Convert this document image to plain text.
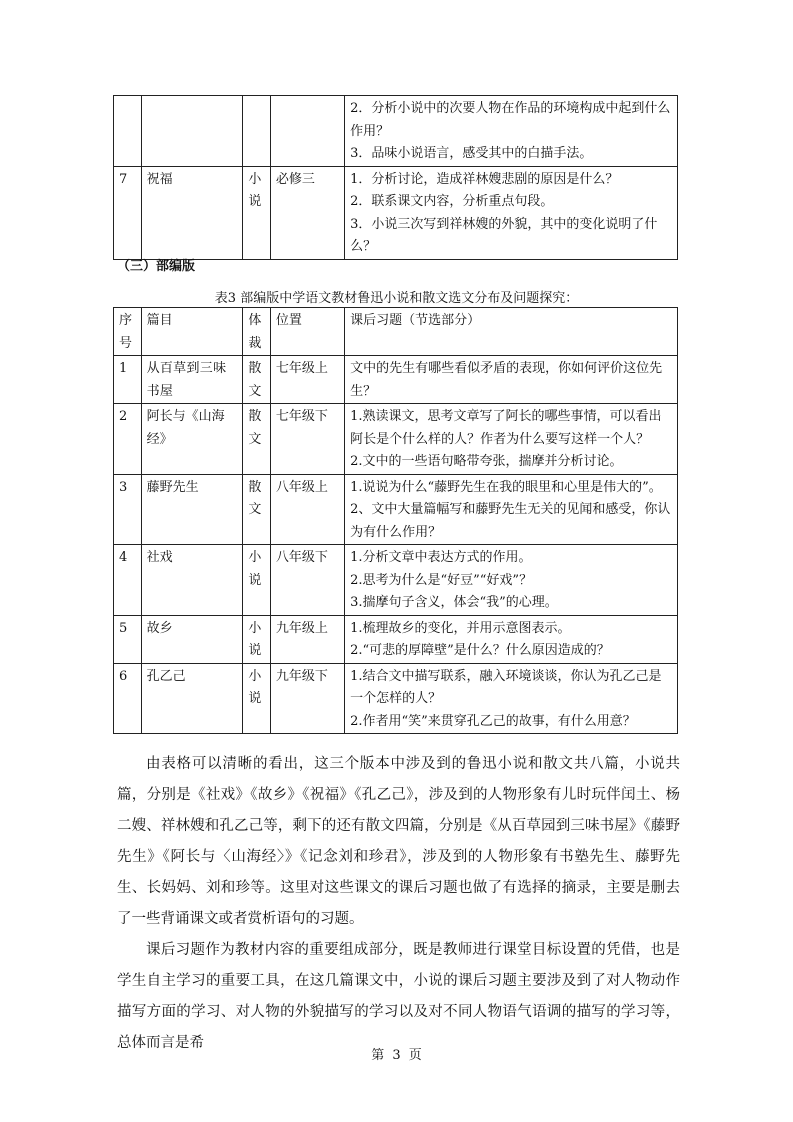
				2．分析小说中的次要人物在作品的环境构成中起到什么作用？
3．品味小说语言，感受其中的白描手法。

7	祝福	小说	必修三	1．分析讨论，造成祥林嫂悲剧的原因是什么？
2．联系课文内容，分析重点句段。
3．小说三次写到祥林嫂的外貌，其中的变化说明了什么？
（三）部编版
表3 部编版中学语文教材鲁迅小说和散文选文分布及问题探究：
序号	篇目	体裁	位置	课后习题（节选部分）
1	从百草到三味书屋	散文	七年级上	文中的先生有哪些看似矛盾的表现，你如何评价这位先生？

2	阿长与《山海经》	散文	七年级下	1.熟读课文，思考文章写了阿长的哪些事情，可以看出阿长是个什么样的人？作者为什么要写这样一个人？
2.文中的一些语句略带夸张，揣摩并分析讨论。

3	藤野先生	散文	八年级上	1.说说为什么“藤野先生在我的眼里和心里是伟大的”。
2、文中大量篇幅写和藤野先生无关的见闻和感受，你认为有什么作用？

4	社戏	小说	八年级下	1.分析文章中表达方式的作用。
2.思考为什么是“好豆”“好戏”？
3.揣摩句子含义，体会“我”的心理。

5	故乡	小说	九年级上	1.梳理故乡的变化，并用示意图表示。
2.“可悲的厚障壁”是什么？什么原因造成的？

6	孔乙己	小说	九年级下	1.结合文中描写联系，融入环境谈谈，你认为孔乙己是一个怎样的人？
2.作者用“笑”来贯穿孔乙己的故事，有什么用意？

由表格可以清晰的看出，这三个版本中涉及到的鲁迅小说和散文共八篇，小说共篇，分别是《社戏》《故乡》《祝福》《孔乙己》，涉及到的人物形象有儿时玩伴闰土、杨二嫂、祥林嫂和孔乙己等，剩下的还有散文四篇，分别是《从百草园到三味书屋》《藤野先生》《阿长与〈山海经〉》《记念刘和珍君》，涉及到的人物形象有书塾先生、藤野先生、长妈妈、刘和珍等。这里对这些课文的课后习题也做了有选择的摘录，主要是删去了一些背诵课文或者赏析语句的习题。

课后习题作为教材内容的重要组成部分，既是教师进行课堂目标设置的凭借，也是学生自主学习的重要工具，在这几篇课文中，小说的课后习题主要涉及到了对人物动作描写方面的学习、对人物的外貌描写的学习以及对不同人物语气语调的描写的学习等，总体而言是希

第 3 页
